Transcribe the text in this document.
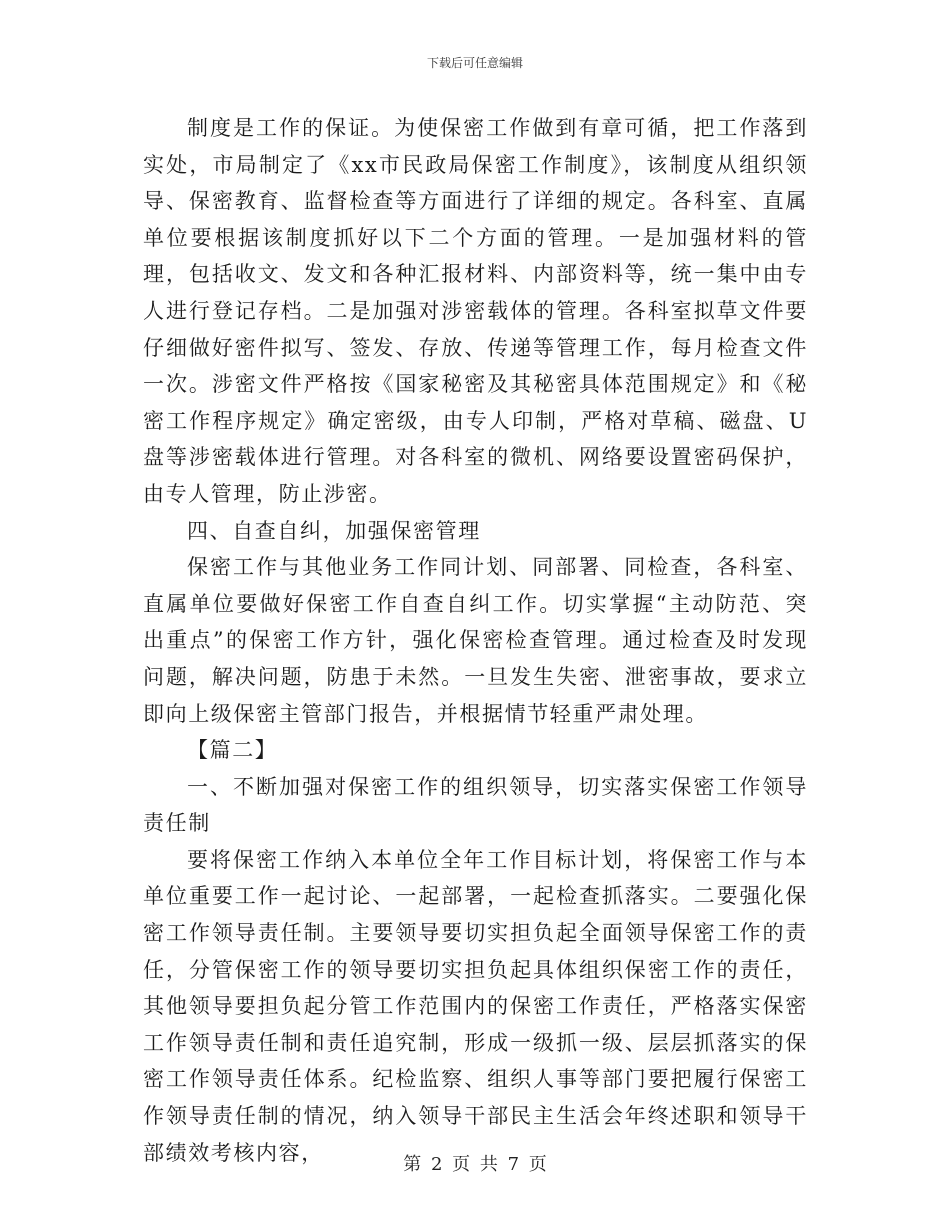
下载后可任意编辑

制度是工作的保证。为使保密工作做到有章可循，把工作落到实处，市局制定了《xx市民政局保密工作制度》，该制度从组织领导、保密教育、监督检查等方面进行了详细的规定。各科室、直属单位要根据该制度抓好以下二个方面的管理。一是加强材料的管理，包括收文、发文和各种汇报材料、内部资料等，统一集中由专人进行登记存档。二是加强对涉密载体的管理。各科室拟草文件要仔细做好密件拟写、签发、存放、传递等管理工作，每月检查文件一次。涉密文件严格按《国家秘密及其秘密具体范围规定》和《秘密工作程序规定》确定密级，由专人印制，严格对草稿、磁盘、U盘等涉密载体进行管理。对各科室的微机、网络要设置密码保护，由专人管理，防止涉密。

四、自查自纠，加强保密管理

保密工作与其他业务工作同计划、同部署、同检查，各科室、直属单位要做好保密工作自查自纠工作。切实掌握“主动防范、突出重点”的保密工作方针，强化保密检查管理。通过检查及时发现问题，解决问题，防患于未然。一旦发生失密、泄密事故，要求立即向上级保密主管部门报告，并根据情节轻重严肃处理。

【篇二】

一、不断加强对保密工作的组织领导，切实落实保密工作领导责任制

要将保密工作纳入本单位全年工作目标计划，将保密工作与本单位重要工作一起讨论、一起部署，一起检查抓落实。二要强化保密工作领导责任制。主要领导要切实担负起全面领导保密工作的责任，分管保密工作的领导要切实担负起具体组织保密工作的责任，其他领导要担负起分管工作范围内的保密工作责任，严格落实保密工作领导责任制和责任追究制，形成一级抓一级、层层抓落实的保密工作领导责任体系。纪检监察、组织人事等部门要把履行保密工作领导责任制的情况，纳入领导干部民主生活会年终述职和领导干部绩效考核内容，	第 2 页 共 7 页
